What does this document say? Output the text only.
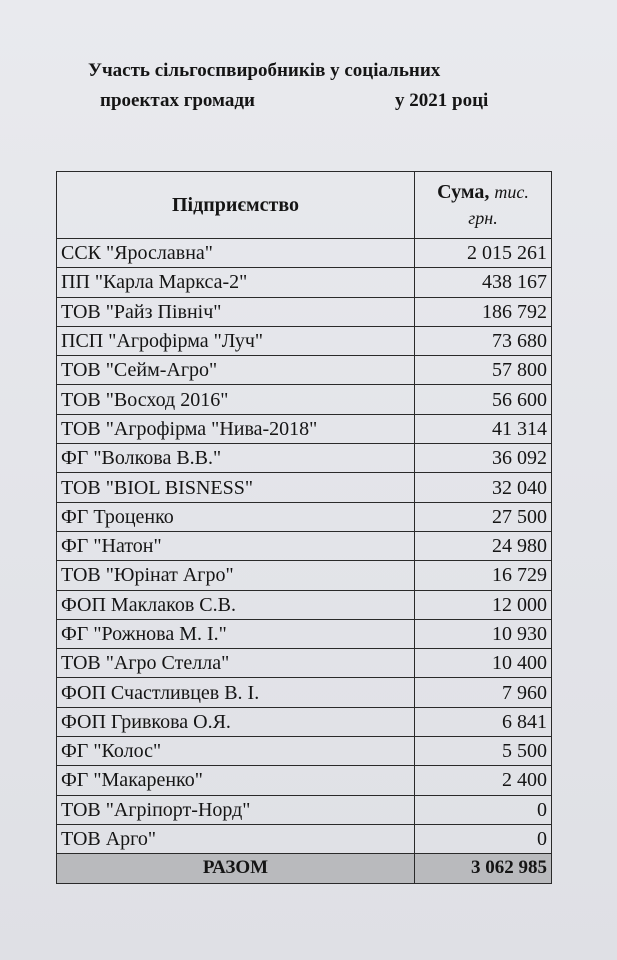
Участь сільгоспвиробників у соціальних
проектах громади	у 2021 році
Підприємство	Сума, тис.
грн.
ССК "Ярославна"	2 015 261
ПП "Карла Маркса-2"	438 167
ТОВ "Райз Північ"	186 792
ПСП "Агрофірма "Луч"	73 680
ТОВ "Сейм-Агро"	57 800
ТОВ "Восход 2016"	56 600
ТОВ "Агрофірма "Нива-2018"	41 314
ФГ "Волкова В.В."	36 092
ТОВ "BIOL BISNESS"	32 040
ФГ Троценко	27 500
ФГ "Натон"	24 980
ТОВ "Юрінат Агро"	16 729
ФОП Маклаков С.В.	12 000
ФГ "Рожнова М. І."	10 930
ТОВ "Агро Стелла"	10 400
ФОП Счастливцев В. І.	7 960
ФОП Гривкова О.Я.	6 841
ФГ "Колос"	5 500
ФГ "Макаренко"	2 400
ТОВ "Агріпорт-Норд"	0
ТОВ Арго"	0
РАЗОМ	3 062 985
